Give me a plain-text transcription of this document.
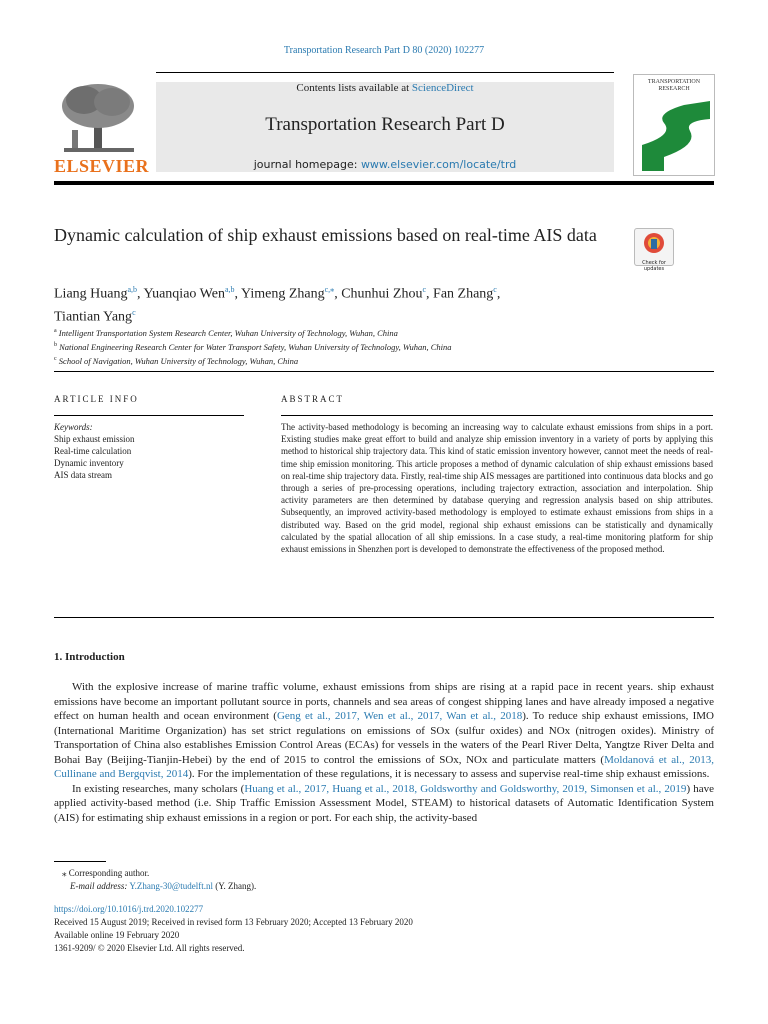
Transportation Research Part D 80 (2020) 102277
ELSEVIER
Contents lists available at ScienceDirect
Transportation Research Part D
journal homepage: www.elsevier.com/locate/trd
TRANSPORTATION
RESEARCH
Dynamic calculation of ship exhaust emissions based on real-time AIS data
Check for updates
Liang Huang$^{a,b}$, Yuanqiao Wen$^{a,b}$, Yimeng Zhang$^{c,⁎}$, Chunhui Zhou$^c$, Fan Zhang$^c$,
Tiantian Yang$^c$
$^a$ Intelligent Transportation System Research Center, Wuhan University of Technology, Wuhan, China
$^b$ National Engineering Research Center for Water Transport Safety, Wuhan University of Technology, Wuhan, China
$^c$ School of Navigation, Wuhan University of Technology, Wuhan, China
ARTICLE INFO
Keywords:
Ship exhaust emission
Real-time calculation
Dynamic inventory
AIS data stream
ABSTRACT
The activity-based methodology is becoming an increasing way to calculate exhaust emissions from ships in a port. Existing studies make great effort to build and analyze ship emission inventory in a variety of ports by applying this method to historical ship trajectory data. This kind of static emission inventory however, cannot meet the needs of real-time ship emission monitoring. This article proposes a method of dynamic calculation of ship exhaust emissions based on real-time ship trajectory data. Firstly, real-time ship AIS messages are partitioned into continuous data blocks and go through a series of pre-processing operations, including trajectory extraction, association and interpolation. Ship activity parameters are then determined by database querying and regression analysis based on ship attributes. Subsequently, an improved activity-based methodology is employed to estimate exhaust emissions from ships in a distributed way. Based on the grid model, regional ship exhaust emissions can be statistically and dynamically calculated by the spatial allocation of all ship emissions. In a case study, a real-time monitoring platform for ship exhaust emissions in Shenzhen port is developed to demonstrate the effectiveness of the proposed method.
1. Introduction

With the explosive increase of marine traffic volume, exhaust emissions from ships are rising at a rapid pace in recent years. ship exhaust emissions have become an important pollutant source in ports, channels and sea areas of congest shipping lanes and have already imposed a negative effect on human health and ocean environment (Geng et al., 2017, Wen et al., 2017, Wan et al., 2018). To reduce ship exhaust emissions, IMO (International Maritime Organization) has set strict regulations on emissions of SOx (sulfur oxides) and NOx (nitrogen oxides). Ministry of Transportation of China also establishes Emission Control Areas (ECAs) for vessels in the waters of the Pearl River Delta, Yangtze River Delta and Bohai Bay (Beijing-Tianjin-Hebei) by the end of 2015 to control the emissions of SOx, NOx and particulate matters (Moldanová et al., 2013, Cullinane and Bergqvist, 2014). For the implementation of these regulations, it is necessary to assess and supervise real-time ship exhaust emissions.

In existing researches, many scholars (Huang et al., 2017, Huang et al., 2018, Goldsworthy and Goldsworthy, 2019, Simonsen et al., 2019) have applied activity-based method (i.e. Ship Traffic Emission Assessment Model, STEAM) to historical datasets of Automatic Identification System (AIS) for estimating ship exhaust emissions in a region or port. For each ship, the activity-based

⁎ Corresponding author.
E-mail address: Y.Zhang-30@tudelft.nl (Y. Zhang).
https://doi.org/10.1016/j.trd.2020.102277
Received 15 August 2019; Received in revised form 13 February 2020; Accepted 13 February 2020
Available online 19 February 2020
1361-9209/ © 2020 Elsevier Ltd. All rights reserved.
